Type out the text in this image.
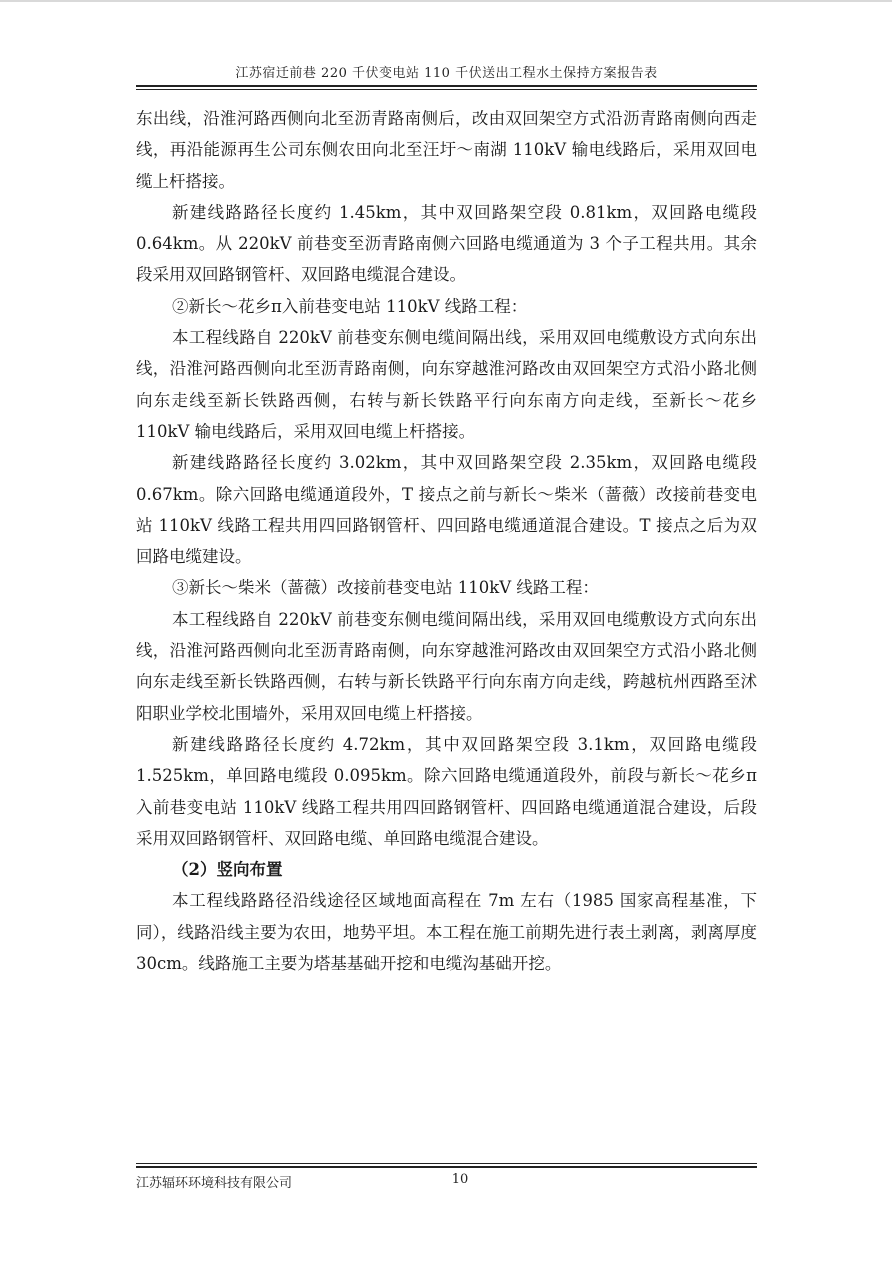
江苏宿迁前巷 220 千伏变电站 110 千伏送出工程水土保持方案报告表

东出线，沿淮河路西侧向北至沥青路南侧后，改由双回架空方式沿沥青路南侧向西走线，再沿能源再生公司东侧农田向北至汪圩～南湖 110kV 输电线路后，采用双回电缆上杆搭接。

新建线路路径长度约 1.45km，其中双回路架空段 0.81km，双回路电缆段 0.64km。从 220kV 前巷变至沥青路南侧六回路电缆通道为 3 个子工程共用。其余段采用双回路钢管杆、双回路电缆混合建设。

②新长～花乡π入前巷变电站 110kV 线路工程：

本工程线路自 220kV 前巷变东侧电缆间隔出线，采用双回电缆敷设方式向东出线，沿淮河路西侧向北至沥青路南侧，向东穿越淮河路改由双回架空方式沿小路北侧向东走线至新长铁路西侧，右转与新长铁路平行向东南方向走线，至新长～花乡 110kV 输电线路后，采用双回电缆上杆搭接。

新建线路路径长度约 3.02km，其中双回路架空段 2.35km，双回路电缆段 0.67km。除六回路电缆通道段外，T 接点之前与新长～柴米（蔷薇）改接前巷变电站 110kV 线路工程共用四回路钢管杆、四回路电缆通道混合建设。T 接点之后为双回路电缆建设。

③新长～柴米（蔷薇）改接前巷变电站 110kV 线路工程：

本工程线路自 220kV 前巷变东侧电缆间隔出线，采用双回电缆敷设方式向东出线，沿淮河路西侧向北至沥青路南侧，向东穿越淮河路改由双回架空方式沿小路北侧向东走线至新长铁路西侧，右转与新长铁路平行向东南方向走线，跨越杭州西路至沭阳职业学校北围墙外，采用双回电缆上杆搭接。

新建线路路径长度约 4.72km，其中双回路架空段 3.1km，双回路电缆段 1.525km，单回路电缆段 0.095km。除六回路电缆通道段外，前段与新长～花乡π入前巷变电站 110kV 线路工程共用四回路钢管杆、四回路电缆通道混合建设，后段采用双回路钢管杆、双回路电缆、单回路电缆混合建设。

（2）竖向布置

本工程线路路径沿线途径区域地面高程在 7m 左右（1985 国家高程基准，下同），线路沿线主要为农田，地势平坦。本工程在施工前期先进行表土剥离，剥离厚度 30cm。线路施工主要为塔基基础开挖和电缆沟基础开挖。

江苏辐环环境科技有限公司	10
